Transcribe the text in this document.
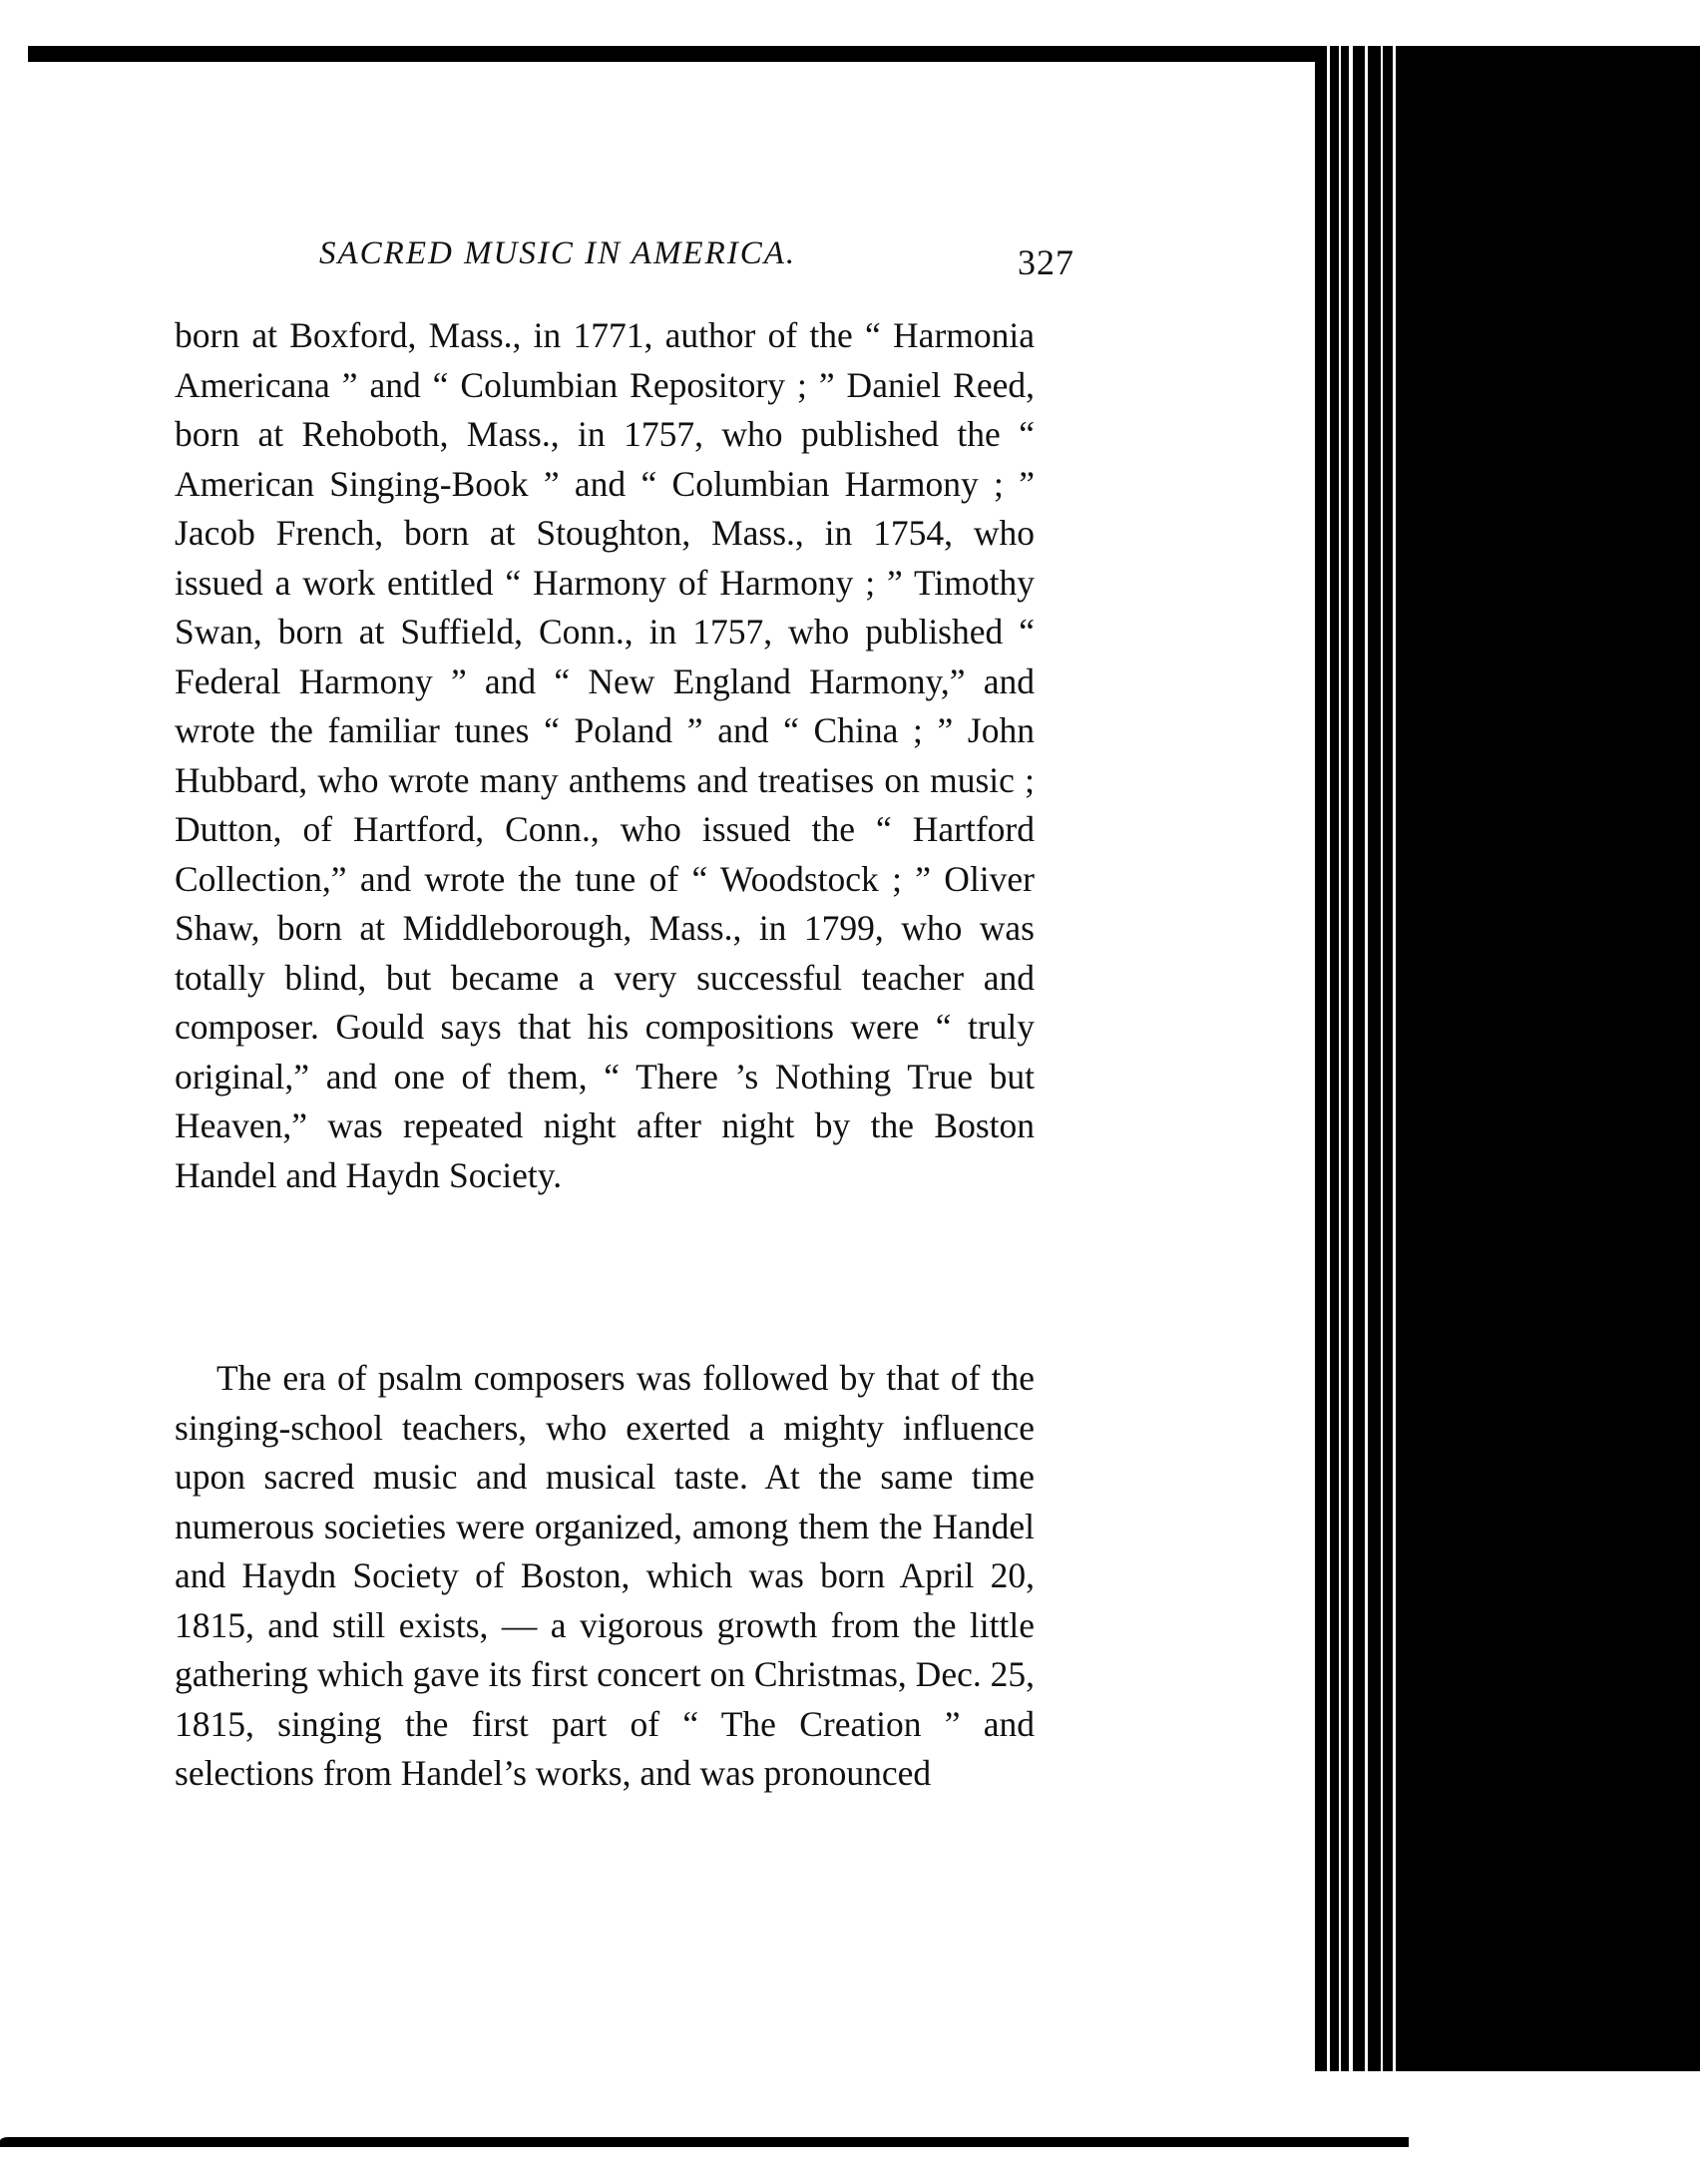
SACRED MUSIC IN AMERICA.	327

born at Boxford, Mass., in 1771, author of the “ Harmonia Americana ” and “ Columbian Repository ; ” Daniel Reed, born at Rehoboth, Mass., in 1757, who published the “ American Singing-Book ” and “ Columbian Harmony ; ” Jacob French, born at Stoughton, Mass., in 1754, who issued a work entitled “ Harmony of Harmony ; ” Timothy Swan, born at Suffield, Conn., in 1757, who published “ Federal Harmony ” and “ New England Harmony,” and wrote the familiar tunes “ Poland ” and “ China ; ” John Hubbard, who wrote many anthems and treatises on music ; Dutton, of Hartford, Conn., who issued the “ Hartford Collection,” and wrote the tune of “ Woodstock ; ” Oliver Shaw, born at Middleborough, Mass., in 1799, who was totally blind, but became a very successful teacher and composer. Gould says that his compositions were “ truly original,” and one of them, “ There ’s Nothing True but Heaven,” was repeated night after night by the Boston Handel and Haydn Society.

The era of psalm composers was followed by that of the singing-school teachers, who exerted a mighty influence upon sacred music and musical taste. At the same time numerous societies were organized, among them the Handel and Haydn Society of Boston, which was born April 20, 1815, and still exists, — a vigorous growth from the little gathering which gave its first concert on Christmas, Dec. 25, 1815, singing the first part of “ The Creation ” and selections from Handel’s works, and was pronounced
